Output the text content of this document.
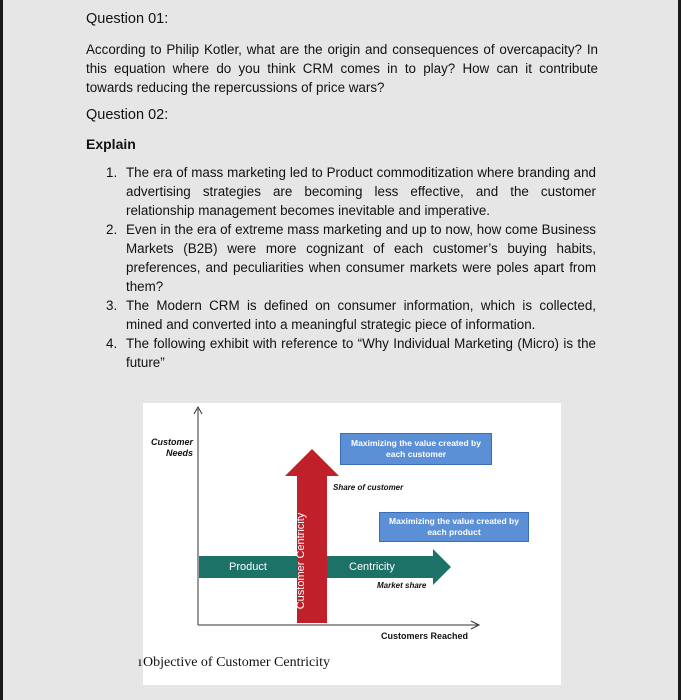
Question 01:
According to Philip Kotler, what are the origin and consequences of overcapacity? In this equation where do you think CRM comes in to play? How can it contribute towards reducing the repercussions of price wars?
Question 02:
Explain
1. The era of mass marketing led to Product commoditization where branding and advertising strategies are becoming less effective, and the customer relationship management becomes inevitable and imperative.
2. Even in the era of extreme mass marketing and up to now, how come Business Markets (B2B) were more cognizant of each customer’s buying habits, preferences, and peculiarities when consumer markets were poles apart from them?
3. The Modern CRM is defined on consumer information, which is collected, mined and converted into a meaningful strategic piece of information.
4. The following exhibit with reference to “Why Individual Marketing (Micro) is the future”
Customer Needs
Maximizing the value created by each customer
Share of customer
Maximizing the value created by each product
Product	Centricity
Market share
Customer Centricity
Customers Reached
ı Objective of Customer Centricity
